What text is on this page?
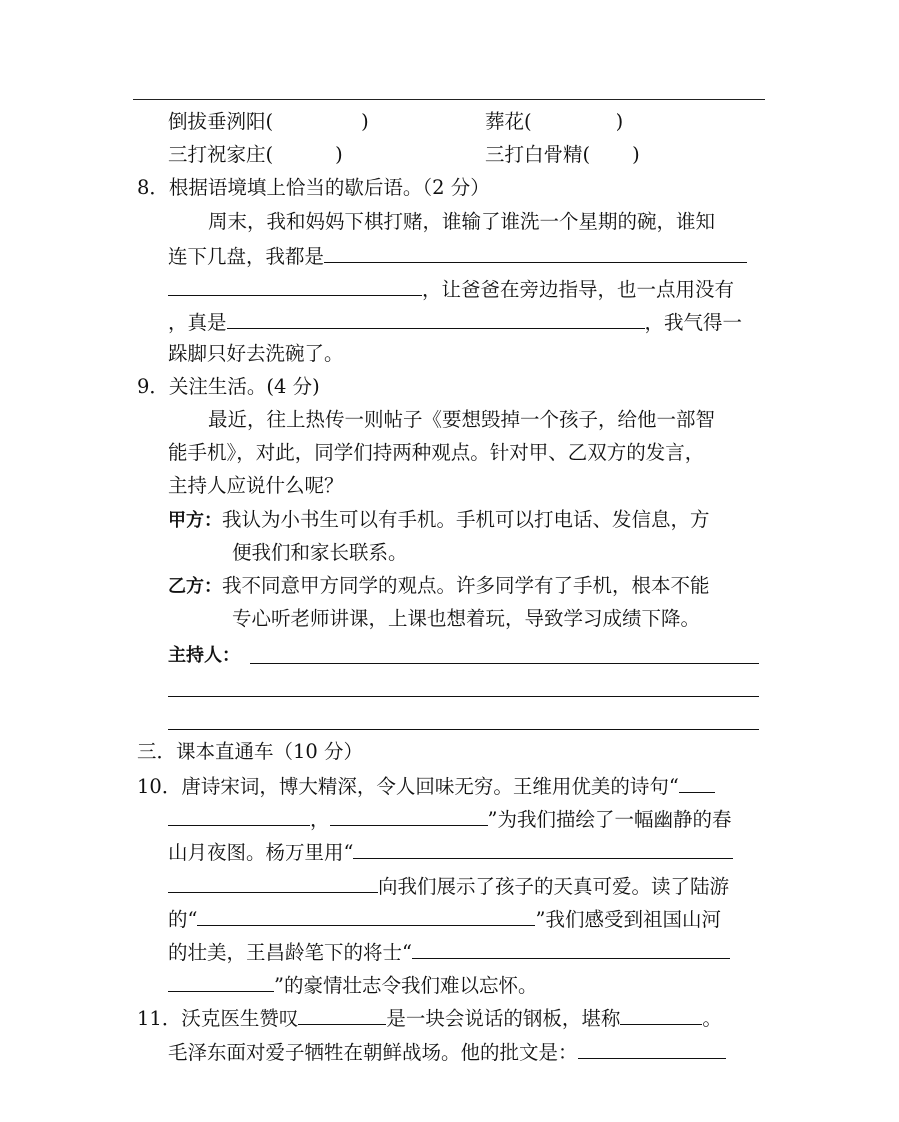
倒拔垂洌阳(	)	葬花(	)
三打祝家庄(	)	三打白骨精( )
8．根据语境填上恰当的歇后语。（2 分）
周末，我和妈妈下棋打赌，谁输了谁洗一个星期的碗，谁知
连下几盘，我都是
，让爸爸在旁边指导，也一点用没有
，真是	，我气得一
跺脚只好去洗碗了。
9．关注生活。(4 分)
最近，往上热传一则帖子《要想毁掉一个孩子，给他一部智
能手机》，对此，同学们持两种观点。针对甲、乙双方的发言，
主持人应说什么呢？
甲方：我认为小书生可以有手机。手机可以打电话、发信息，方
便我们和家长联系。
乙方：我不同意甲方同学的观点。许多同学有了手机，根本不能
专心听老师讲课，上课也想着玩，导致学习成绩下降。
主持人：
三．课本直通车（10 分）
10．唐诗宋词，博大精深，令人回味无穷。王维用优美的诗句“
，	”为我们描绘了一幅幽静的春
山月夜图。杨万里用“
向我们展示了孩子的天真可爱。读了陆游
的“	”我们感受到祖国山河
的壮美，王昌龄笔下的将士“
”的豪情壮志令我们难以忘怀。
11．沃克医生赞叹	是一块会说话的钢板，堪称	。
毛泽东面对爱子牺牲在朝鲜战场。他的批文是：
